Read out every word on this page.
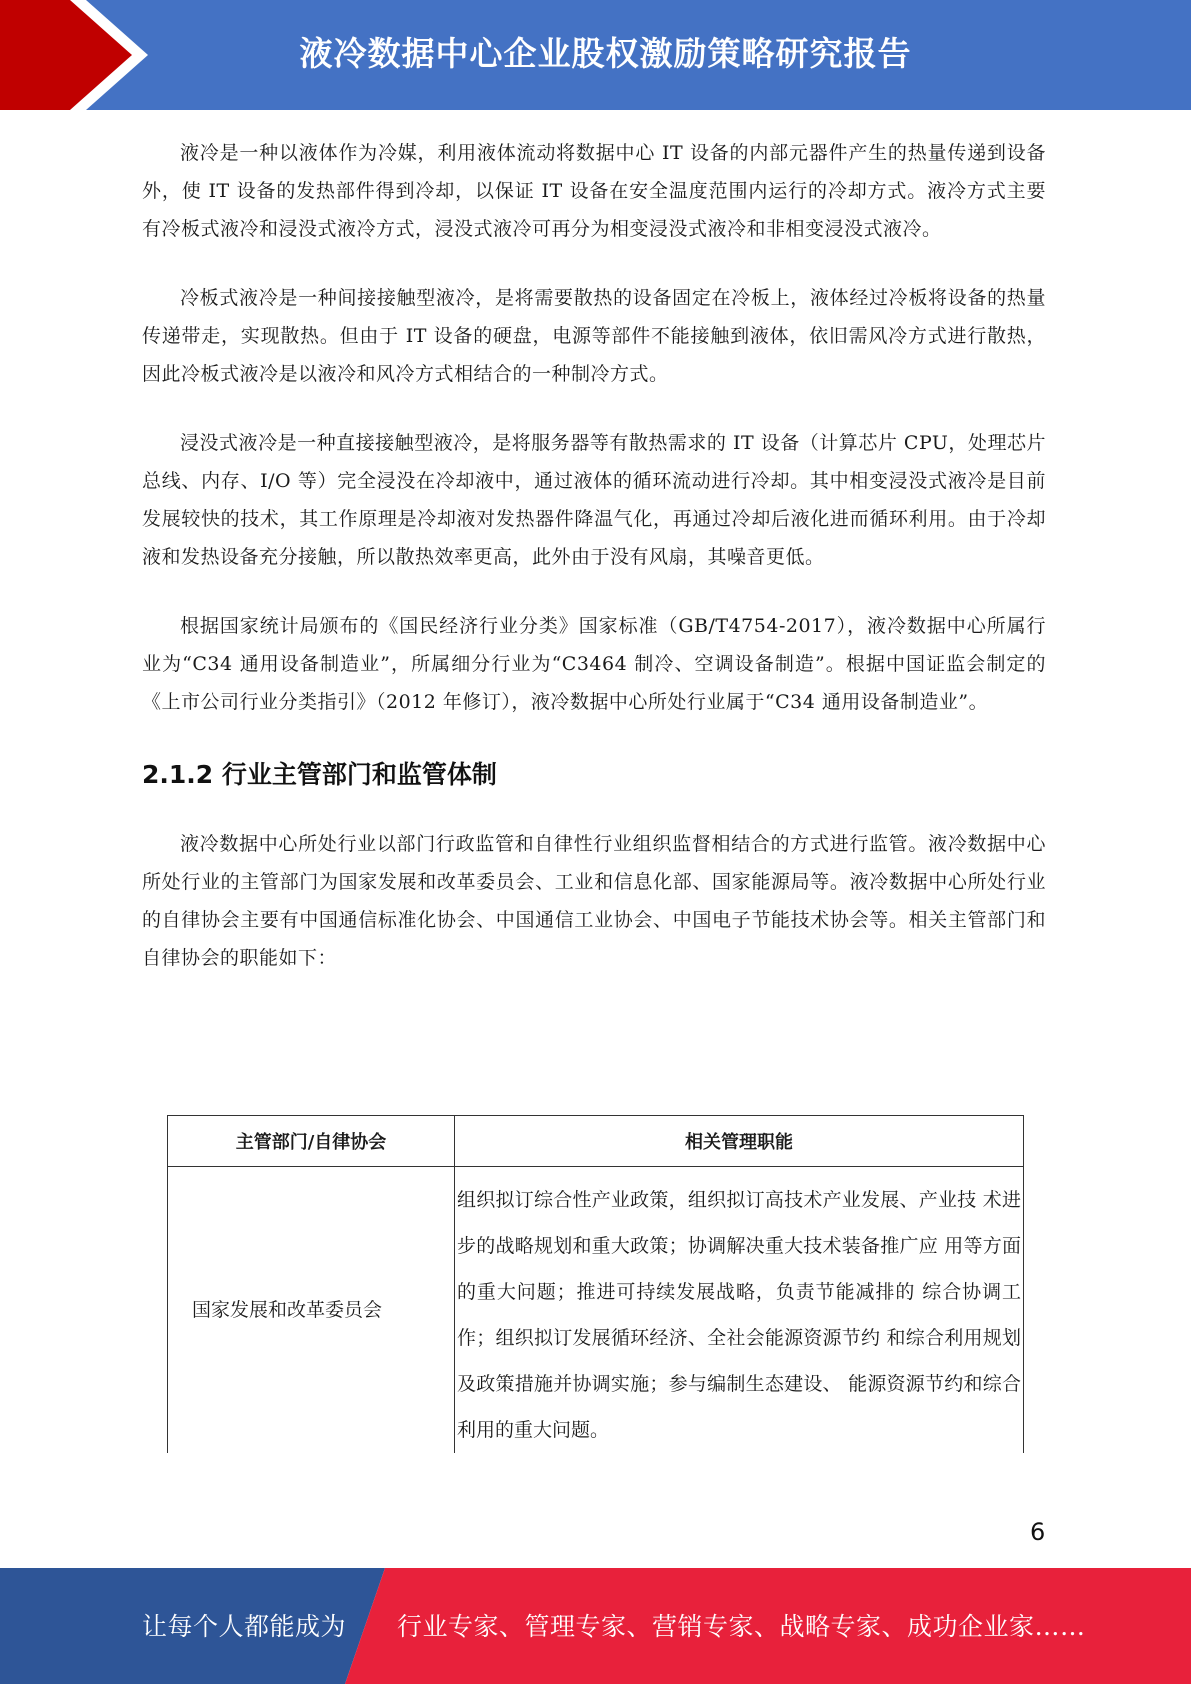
液冷数据中心企业股权激励策略研究报告

液冷是一种以液体作为冷媒，利用液体流动将数据中心 IT 设备的内部元器件产生的热量传递到设备外，使 IT 设备的发热部件得到冷却，以保证 IT 设备在安全温度范围内运行的冷却方式。液冷方式主要有冷板式液冷和浸没式液冷方式，浸没式液冷可再分为相变浸没式液冷和非相变浸没式液冷。

冷板式液冷是一种间接接触型液冷，是将需要散热的设备固定在冷板上，液体经过冷板将设备的热量传递带走，实现散热。但由于 IT 设备的硬盘，电源等部件不能接触到液体，依旧需风冷方式进行散热，因此冷板式液冷是以液冷和风冷方式相结合的一种制冷方式。

浸没式液冷是一种直接接触型液冷，是将服务器等有散热需求的 IT 设备（计算芯片 CPU，处理芯片总线、内存、I/O 等）完全浸没在冷却液中，通过液体的循环流动进行冷却。其中相变浸没式液冷是目前发展较快的技术，其工作原理是冷却液对发热器件降温气化，再通过冷却后液化进而循环利用。由于冷却液和发热设备充分接触，所以散热效率更高，此外由于没有风扇，其噪音更低。

根据国家统计局颁布的《国民经济行业分类》国家标准（GB/T4754-2017），液冷数据中心所属行业为“C34 通用设备制造业”，所属细分行业为“C3464 制冷、空调设备制造”。根据中国证监会制定的《上市公司行业分类指引》（2012 年修订），液冷数据中心所处行业属于“C34 通用设备制造业”。

2.1.2 行业主管部门和监管体制

液冷数据中心所处行业以部门行政监管和自律性行业组织监督相结合的方式进行监管。液冷数据中心所处行业的主管部门为国家发展和改革委员会、工业和信息化部、国家能源局等。液冷数据中心所处行业的自律协会主要有中国通信标准化协会、中国通信工业协会、中国电子节能技术协会等。相关主管部门和自律协会的职能如下：

主管部门/自律协会	相关管理职能
国家发展和改革委员会	组织拟订综合性产业政策，组织拟订高技术产业发展、产业技 术进步的战略规划和重大政策；协调解决重大技术装备推广应 用等方面的重大问题；推进可持续发展战略，负责节能减排的 综合协调工作；组织拟订发展循环经济、全社会能源资源节约 和综合利用规划及政策措施并协调实施；参与编制生态建设、 能源资源节约和综合利用的重大问题。
6
让每个人都能成为 行业专家、管理专家、营销专家、战略专家、成功企业家……
